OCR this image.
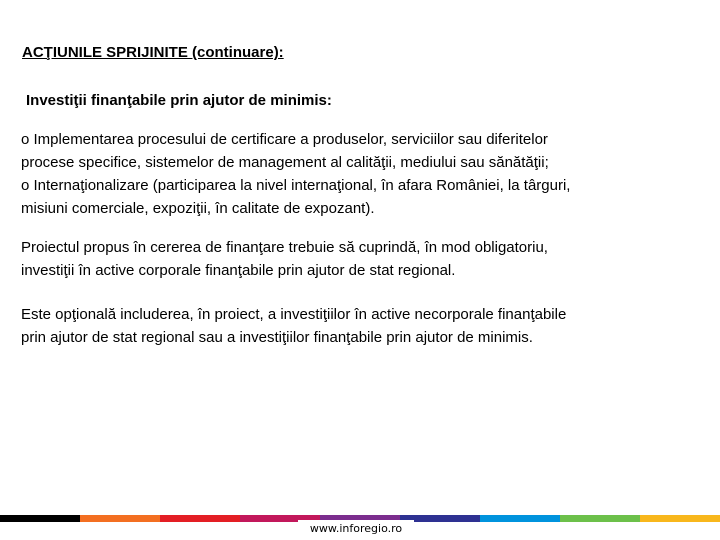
ACŢIUNILE SPRIJINITE (continuare):
Investiţii finanţabile prin ajutor de minimis:
o Implementarea procesului de certificare a produselor, serviciilor sau diferitelor
procese specifice, sistemelor de management al calităţii, mediului sau sănătăţii;
o Internaţionalizare (participarea la nivel internaţional, în afara României, la târguri,
misiuni comerciale, expoziţii, în calitate de expozant).
Proiectul propus în cererea de finanţare trebuie să cuprindă, în mod obligatoriu,
investiţii în active corporale finanţabile prin ajutor de stat regional.
Este opţională includerea, în proiect, a investiţiilor în active necorporale finanţabile
prin ajutor de stat regional sau a investiţiilor finanţabile prin ajutor de minimis.
www.inforegio.ro
